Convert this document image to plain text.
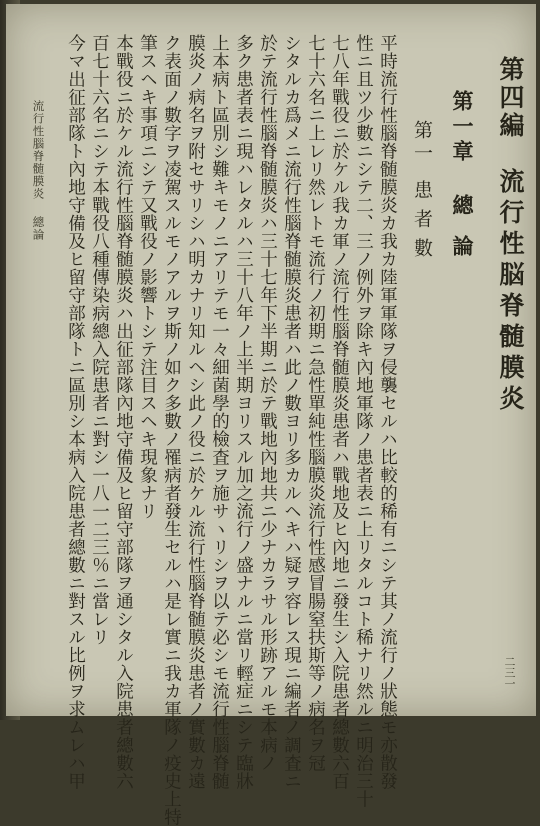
第四編
流行性脳脊髄膜炎
第一章
總論
第一
患者數
平時流行性腦脊髄膜炎カ我カ陸軍軍隊ヲ侵襲セルハ比較的稀有ニシテ其ノ流行ノ狀態モ亦散發
性ニ且ツ少數ニシテ二、三ノ例外ヲ除キ內地軍隊ノ患者表ニ上リタルコト稀ナリ然ルニ明治三十
七八年戰役ニ於ケル我カ軍ノ流行性腦脊髄膜炎患者ハ戰地及ヒ內地ニ發生シ入院患者總數六百
七十六名ニ上レリ然レトモ流行ノ初期ニ急性單純性腦膜炎流行性感冒腸窒扶斯等ノ病名ヲ冠
シタルカ爲メニ流行性腦脊髄膜炎患者ハ此ノ數ヨリ多カルヘキハ疑ヲ容レス現ニ編者ノ調査ニ
於テ流行性腦脊髄膜炎ハ三十七年下半期ニ於テ戰地內地共ニ少ナカラサル形跡アルモ本病ノ
多ク患者表ニ現ハレタルハ三十八年ノ上半期ヨリスル加之流行ノ盛ナルニ當リ輕症ニシテ臨牀
上本病ト區別シ難キモノニアリテモ一々細菌學的檢査ヲ施サヽリシヲ以テ必シモ流行性腦脊髄
膜炎ノ病名ヲ附セサリシハ明カナリ知ルヘシ此ノ役ニ於ケル流行性腦脊髄膜炎患者ノ實數カ遠
ク表面ノ數字ヲ凌駕スルモノアルヲ斯ノ如ク多數ノ罹病者發生セルハ是レ實ニ我カ軍隊ノ疫史上特
筆スヘキ事項ニシテ又戰役ノ影響トシテ注目スヘキ現象ナリ
本戰役ニ於ケル流行性腦脊髄膜炎ハ出征部隊內地守備及ヒ留守部隊ヲ通シタル入院患者總數六
百七十六名ニシテ本戰役八種傳染病總入院患者ニ對シ一八一二三％ニ當レリ
今マ出征部隊ト內地守備及ヒ留守部隊トニ區別シ本病入院患者總數ニ對スル比例ヲ求ムレハ甲
流行性腦脊髄膜炎
總論
二三一
